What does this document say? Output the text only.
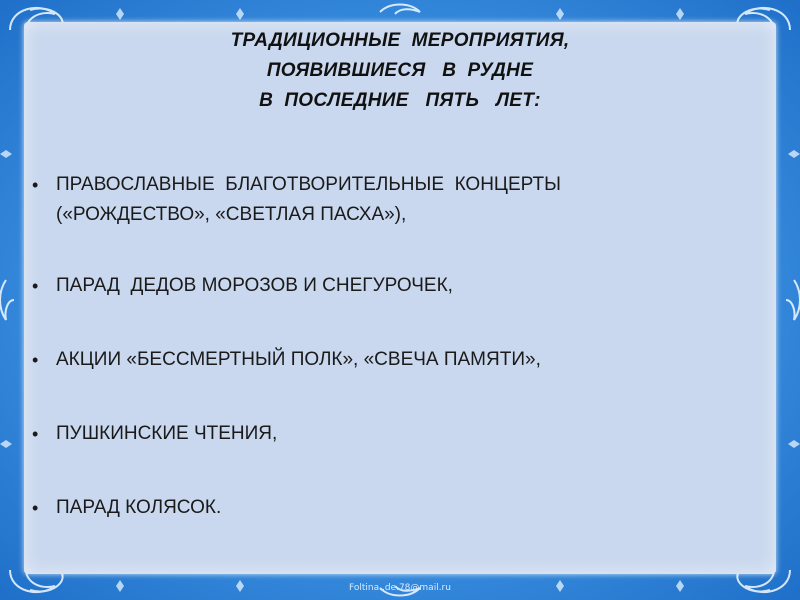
ТРАДИЦИОННЫЕ  МЕРОПРИЯТИЯ,
ПОЯВИВШИЕСЯ   В  РУДНЕ
В  ПОСЛЕДНИЕ   ПЯТЬ   ЛЕТ:
• ПРАВОСЛАВНЫЕ  БЛАГОТВОРИТЕЛЬНЫЕ  КОНЦЕРТЫ
(«РОЖДЕСТВО», «СВЕТЛАЯ ПАСХА»),
• ПАРАД  ДЕДОВ МОРОЗОВ И СНЕГУРОЧЕК,
• АКЦИИ «БЕССМЕРТНЫЙ ПОЛК», «СВЕЧА ПАМЯТИ»,
• ПУШКИНСКИЕ ЧТЕНИЯ,
• ПАРАД КОЛЯСОК.
Foltina..de.78@mail.ru
